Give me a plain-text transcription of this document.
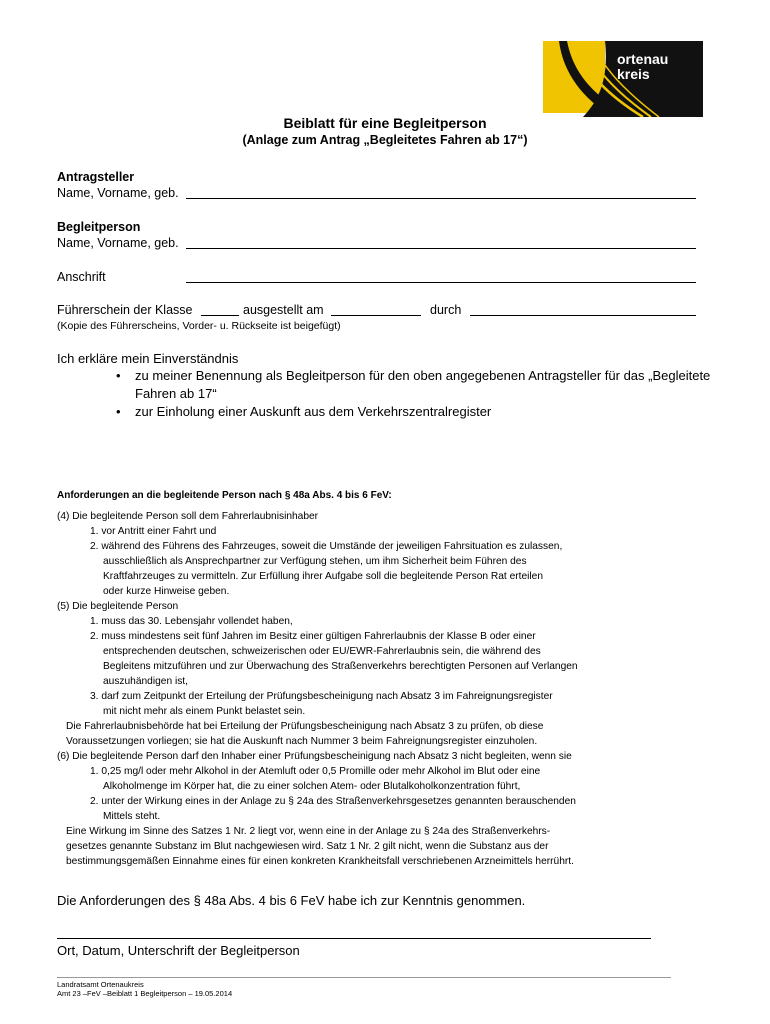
ortenau
kreis
Beiblatt für eine Begleitperson
(Anlage zum Antrag „Begleitetes Fahren ab 17“)
Antragsteller
Name, Vorname, geb.
Begleitperson
Name, Vorname, geb.
Anschrift
Führerschein der Klasse	ausgestellt am	durch
(Kopie des Führerscheins, Vorder- u. Rückseite ist beigefügt)
Ich erkläre mein Einverständnis
• zu meiner Benennung als Begleitperson für den oben angegebenen Antragsteller für das „Begleitete
Fahren ab 17“
• zur Einholung einer Auskunft aus dem Verkehrszentralregister
Anforderungen an die begleitende Person nach § 48a Abs. 4 bis 6 FeV:
(4) Die begleitende Person soll dem Fahrerlaubnisinhaber
1. vor Antritt einer Fahrt und
2. während des Führens des Fahrzeuges, soweit die Umstände der jeweiligen Fahrsituation es zulassen,
ausschließlich als Ansprechpartner zur Verfügung stehen, um ihm Sicherheit beim Führen des
Kraftfahrzeuges zu vermitteln. Zur Erfüllung ihrer Aufgabe soll die begleitende Person Rat erteilen
oder kurze Hinweise geben.
(5) Die begleitende Person
1. muss das 30. Lebensjahr vollendet haben,
2. muss mindestens seit fünf Jahren im Besitz einer gültigen Fahrerlaubnis der Klasse B oder einer
entsprechenden deutschen, schweizerischen oder EU/EWR-Fahrerlaubnis sein, die während des
Begleitens mitzuführen und zur Überwachung des Straßenverkehrs berechtigten Personen auf Verlangen
auszuhändigen ist,
3. darf zum Zeitpunkt der Erteilung der Prüfungsbescheinigung nach Absatz 3 im Fahreignungsregister
mit nicht mehr als einem Punkt belastet sein.
Die Fahrerlaubnisbehörde hat bei Erteilung der Prüfungsbescheinigung nach Absatz 3 zu prüfen, ob diese
Voraussetzungen vorliegen; sie hat die Auskunft nach Nummer 3 beim Fahreignungsregister einzuholen.
(6) Die begleitende Person darf den Inhaber einer Prüfungsbescheinigung nach Absatz 3 nicht begleiten, wenn sie
1. 0,25 mg/l oder mehr Alkohol in der Atemluft oder 0,5 Promille oder mehr Alkohol im Blut oder eine
Alkoholmenge im Körper hat, die zu einer solchen Atem- oder Blutalkoholkonzentration führt,
2. unter der Wirkung eines in der Anlage zu § 24a des Straßenverkehrsgesetzes genannten berauschenden
Mittels steht.
Eine Wirkung im Sinne des Satzes 1 Nr. 2 liegt vor, wenn eine in der Anlage zu § 24a des Straßenverkehrs-
gesetzes genannte Substanz im Blut nachgewiesen wird. Satz 1 Nr. 2 gilt nicht, wenn die Substanz aus der
bestimmungsgemäßen Einnahme eines für einen konkreten Krankheitsfall verschriebenen Arzneimittels herrührt.
Die Anforderungen des § 48a Abs. 4 bis 6 FeV habe ich zur Kenntnis genommen.
Ort, Datum, Unterschrift der Begleitperson
Landratsamt Ortenaukreis
Amt 23 –FeV –Beiblatt 1 Begleitperson – 19.05.2014
